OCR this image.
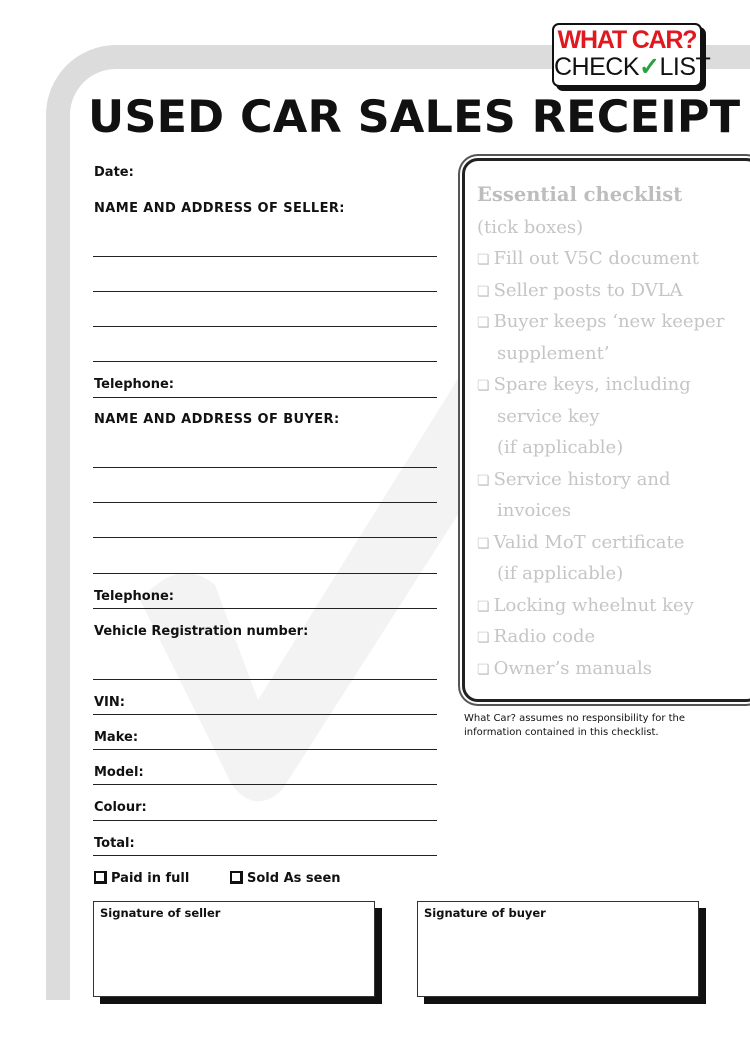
WHAT CAR?
CHECK✓LIST
USED CAR SALES RECEIPT
Date:
NAME AND ADDRESS OF SELLER:
Telephone:
NAME AND ADDRESS OF BUYER:
Telephone:
Vehicle Registration number:
VIN:
Make:
Model:
Colour:
Total:
Paid in full	Sold As seen
Signature of seller	Signature of buyer
Essential checklist
(tick boxes)
❏ Fill out V5C document
❏ Seller posts to DVLA
❏ Buyer keeps ‘new keeper
supplement’
❏ Spare keys, including
service key
(if applicable)
❏ Service history and
invoices
❏ Valid MoT certificate
(if applicable)
❏ Locking wheelnut key
❏ Radio code
❏ Owner’s manuals
What Car? assumes no responsibility for the information contained in this checklist.
